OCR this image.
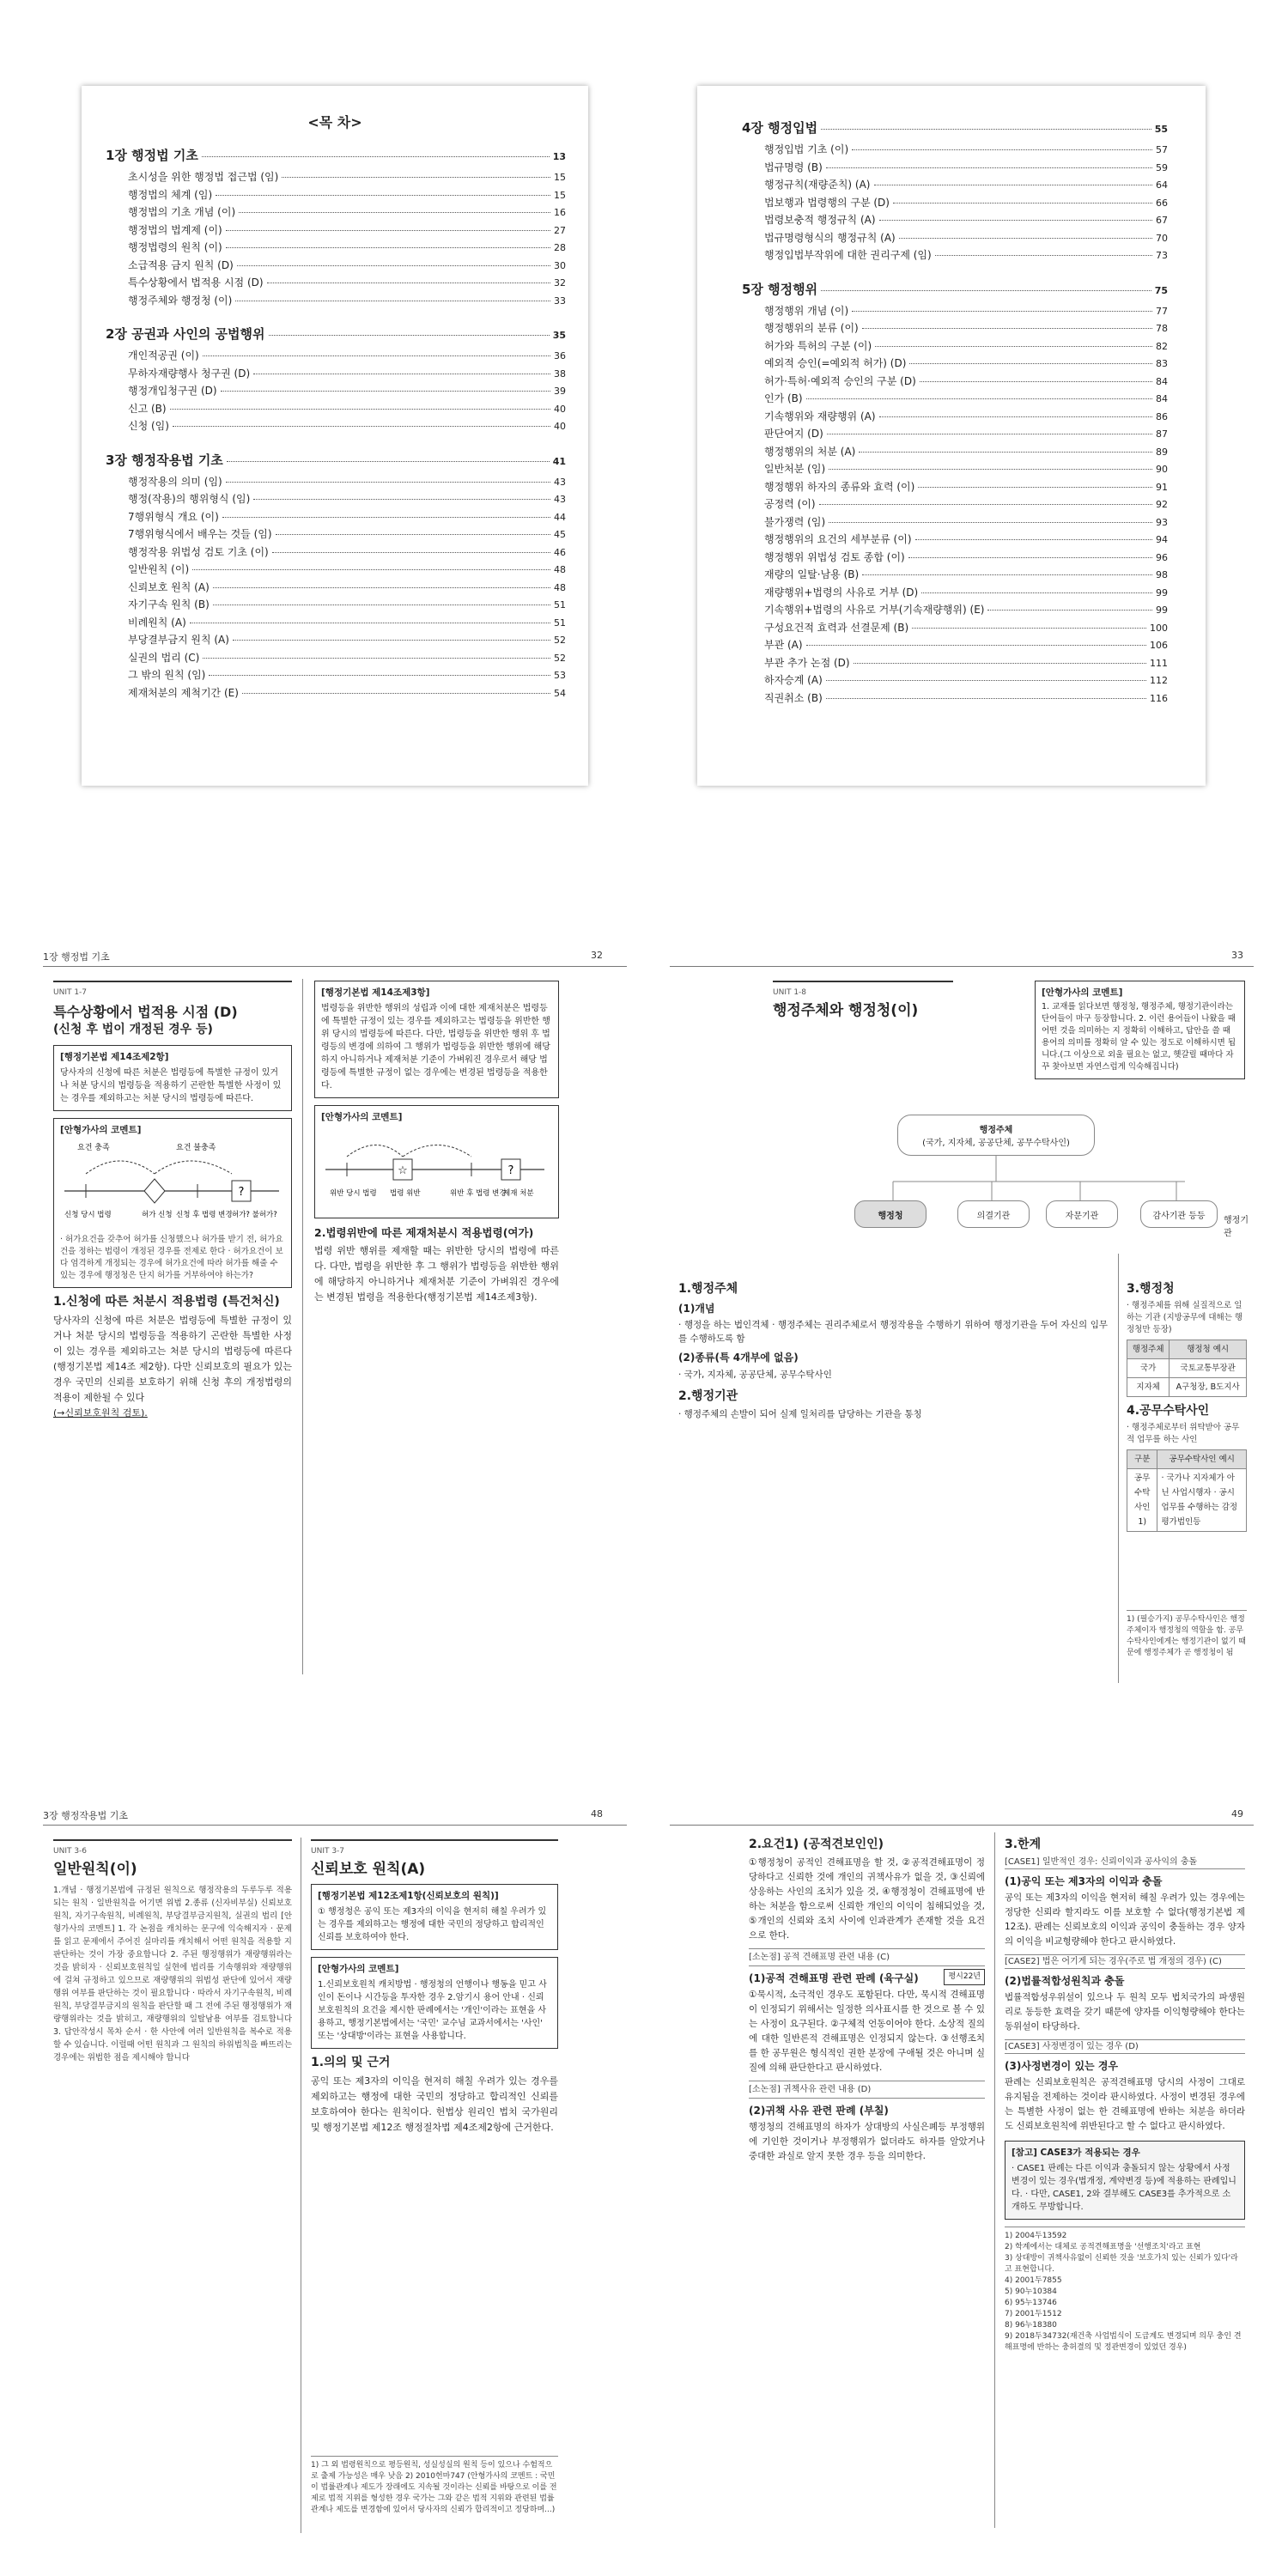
<목 차>
1장 행정법 기초	13
초시성을 위한 행정법 접근법 (임)	15
행정법의 체계 (임)	15
행정법의 기초 개념 (이)	16
행정법의 법계제 (이)	27
행정법령의 원칙 (이)	28
소급적용 금지 원칙 (D)	30
특수상황에서 법적용 시점 (D)	32
행정주체와 행정청 (이)	33
2장 공권과 사인의 공법행위	35
개인적공권 (이)	36
무하자재량행사 청구권 (D)	38
행정개입청구권 (D)	39
신고 (B)	40
신청 (임)	40
3장 행정작용법 기초	41
행정작용의 의미 (임)	43
행정(작용)의 행위형식 (임)	43
7행위형식 개요 (이)	44
7행위형식에서 배우는 것들 (임)	45
행정작용 위법성 검토 기초 (이)	46
일반원칙 (이)	48
신뢰보호 원칙 (A)	48
자기구속 원칙 (B)	51
비례원칙 (A)	51
부당결부금지 원칙 (A)	52
실권의 법리 (C)	52
그 밖의 원칙 (임)	53
제재처분의 제척기간 (E)	54
4장 행정입법	55
행정입법 기초 (이)	57
법규명령 (B)	59
행정규칙(재량준칙) (A)	64
법보행과 법령행의 구분 (D)	66
법령보충적 행정규칙 (A)	67
법규명령형식의 행정규칙 (A)	70
행정입법부작위에 대한 권리구제 (임)	73
5장 행정행위	75
행정행위 개념 (이)	77
행정행위의 분류 (이)	78
허가와 특허의 구분 (이)	82
예외적 승인(=예외적 허가) (D)	83
허가·특허·예외적 승인의 구분 (D)	84
인가 (B)	84
기속행위와 재량행위 (A)	86
판단여지 (D)	87
행정행위의 처분 (A)	89
일반처분 (임)	90
행정행위 하자의 종류와 효력 (이)	91
공정력 (이)	92
불가쟁력 (임)	93
행정행위의 요건의 세부분류 (이)	94
행정행위 위법성 검토 종합 (이)	96
재량의 일탈·남용 (B)	98
재량행위+법령의 사유로 거부 (D)	99
기속행위+법령의 사유로 거부(기속재량행위) (E)	99
구성요건적 효력과 선결문제 (B)	100
부관 (A)	106
부관 추가 논점 (D)	111
하자승계 (A)	112
직권취소 (B)	116
1장 행정법 기초	32
UNIT 1-7
특수상황에서 법적용 시점 (D)
(신청 후 법이 개정된 경우 등)
[행정기본법 제14조제2항]
당사자의 신청에 따른 처분은 법령등에 특별한 규정이 있거나 처분 당시의 법령등을 적용하기 곤란한 특별한 사정이 있는 경우를 제외하고는 처분 당시의 법령등에 따른다.
[안형가사의 코멘트]
?
요건 충족	요건 불충족
신청 당시 법령	허가 신청 신청 후 법령 변경 허가? 불허가?
· 허가요건을 갖추어 허가를 신청했으나 허가를 받기 전, 허가요건을 정하는 법령이 개정된 경우를 전제로 한다 · 허가요건이 보다 엄격하게 개정되는 경우에 허가요건에 따라 허가를 해줄 수 있는 경우에 행정청은 단지 허가를 거부하여야 하는가?
1.신청에 따른 처분시 적용법령 (특건처신)
당사자의 신청에 따른 처분은 법령등에 특별한 규정이 있거나 처분 당시의 법령등을 적용하기 곤란한 특별한 사정이 있는 경우를 제외하고는 처분 당시의 법령등에 따른다(행정기본법 제14조 제2항). 다만 신뢰보호의 필요가 있는 경우 국민의 신뢰를 보호하기 위해 신청 후의 개정법령의 적용이 제한될 수 있다
(→신뢰보호원칙 검토).
[행정기본법 제14조제3항]
법령등을 위반한 행위의 성립과 이에 대한 제재처분은 법령등에 특별한 규정이 있는 경우를 제외하고는 법령등을 위반한 행위 당시의 법령등에 따른다. 다만, 법령등을 위반한 행위 후 법령등의 변경에 의하여 그 행위가 법령등을 위반한 행위에 해당하지 아니하거나 제재처분 기준이 가벼워진 경우로서 해당 법령등에 특별한 규정이 없는 경우에는 변경된 법령등을 적용한다.
[안형가사의 코멘트]
☆	?
위반 당시 법령 법령 위반	위반 후 법령 변경
제재 처분
2.법령위반에 따른 제재처분시 적용법령(여가)
법령 위반 행위를 제재할 때는 위반한 당시의 법령에 따른다. 다만, 법령을 위반한 후 그 행위가 법령등을 위반한 행위에 해당하지 아니하거나 제재처분 기준이 가벼워진 경우에는 변경된 법령을 적용한다(행정기본법 제14조제3항).
33
UNIT 1-8
행정주체와 행정청(이)
[안형가사의 코멘트]
1. 교재를 읽다보면 행정청, 행정주체, 행정기관이라는 단어들이 마구 등장합니다. 2. 이런 용어들이 나왔을 때 어떤 것을 의미하는 지 정확히 이해하고, 답안을 쓸 때 용어의 의미를 정확히 알 수 있는 정도로 이해하시면 됩니다.(그 이상으로 외울 필요는 없고, 헷갈릴 때마다 자꾸 찾아보면 자연스럽게 익숙해집니다)
행정주체
(국가, 지자체, 공공단체, 공무수탁사인)
행정청	의결기관	자문기관	감사기관 등등	행정기관
1.행정주체
(1)개념
· 행정을 하는 법인격체 · 행정주체는 권리주체로서 행정작용을 수행하기 위하여 행정기관을 두어 자신의 임무를 수행하도록 함
(2)종류(특 4개부에 없음)
· 국가, 지자체, 공공단체, 공무수탁사인
2.행정기관
· 행정주체의 손발이 되어 실제 일처리를 담당하는 기관을 통칭
3.행정청
· 행정주체를 위해 실질적으로 일하는 기관 (지방공무에 대해는 행정청만 등장)
행정주체	행정청 예시
국가	국토교통부장관
지자체	A구청장, B도지사
4.공무수탁사인
· 행정주체로부터 위탁받아 공무적 업무를 하는 사인
구분	공무수탁사인 예시
공무수탁 사인1)	· 국가나 지자체가 아닌 사업시행자 · 공시업무를 수행하는 감정평가법인등
1) (필승가지) 공무수탁사인은 행정주체이자 행정청의 역할을 함. 공무수탁사인에게는 행정기관이 없기 때문에 행정주체가 곧 행정청이 됨
3장 행정작용법 기초	48
UNIT 3-6
일반원칙(이)
1.개념 · 행정기본법에 규정된 원칙으로 행정작용의 두루두루 적용되는 원칙 · 일반원칙을 어기면 위법 2.종류 (신자비부실) 신뢰보호원칙, 자기구속원칙, 비례원칙, 부당결부금지원칙, 실권의 법리 [안형가사의 코멘트] 1. 각 논점을 캐치하는 문구에 익숙해지자 · 문제를 읽고 문제에서 주어진 실마리를 캐치해서 어떤 원칙을 적용할 지 판단하는 것이 가장 중요합니다 2. 주된 행정행위가 재량행위라는 것을 밝히자 · 신뢰보호원칙일 실현에 법리를 기속행위와 재량행위에 걸쳐 규정하고 있으므로 재량행위의 위법성 판단에 있어서 재량행위 여부를 판단하는 것이 필요합니다 · 따라서 자기구속원칙, 비례원칙, 부당결부금지의 원칙을 판단할 때 그 전에 주된 행정행위가 재량행위라는 것을 밝히고, 재량행위의 일탈남용 여부를 검토합니다 3. 답안작성시 목차 순서 · 한 사안에 여러 일반원칙을 복수로 적용할 수 있습니다. 이럴때 어떤 원칙과 그 원칙의 하위법칙을 빠뜨리는 경우에는 위법한 점을 제시해야 합니다
UNIT 3-7
신뢰보호 원칙(A)
[행정기본법 제12조제1항(신뢰보호의 원칙)]
① 행정청은 공익 또는 제3자의 이익을 현저히 해칠 우려가 있는 경우를 제외하고는 행정에 대한 국민의 정당하고 합리적인 신뢰를 보호하여야 한다.
[안형가사의 코멘트]
1.신뢰보호원칙 캐치방법 · 행정청의 언행이나 행동을 믿고 사인이 돈이나 시간등을 투자한 경우 2.암기시 용어 안내 · 신뢰보호원칙의 요건을 제시한 판례에서는 '개인'이라는 표현을 사용하고, 행정기본법에서는 '국민' 교수님 교과서에서는 '사인' 또는 '상대방'이라는 표현을 사용합니다.
1.의의 및 근거
공익 또는 제3자의 이익을 현저히 해칠 우려가 있는 경우를 제외하고는 행정에 대한 국민의 정당하고 합리적인 신뢰를 보호하여야 한다는 원칙이다. 헌법상 원리인 법치 국가원리 및 행정기본법 제12조 행정절차법 제4조제2항에 근거한다.
1) 그 외 법령원칙으로 평등원칙, 성실성실의 원칙 등이 있으나 수험적으로 출제 가능성은 매우 낮음 2) 2010헌마747 (안형가사의 코멘트 : 국민이 법률관계나 제도가 장래에도 지속될 것이라는 신뢰를 바탕으로 이를 전제로 법적 지위를 형성한 경우 국가는 그와 같은 법적 지위와 관련된 법률관계나 제도를 변경함에 있어서 당사자의 신뢰가 합리적이고 정당하며...)
49
2.요건1) (공적견보인인)
①행정청이 공적인 견해표명을 할 것, ②공적견해표명이 정당하다고 신뢰한 것에 개인의 귀책사유가 없을 것, ③신뢰에 상응하는 사인의 조치가 있을 것, ④행정청이 견해표명에 반하는 처분을 함으로써 신뢰한 개인의 이익이 침해되었을 것, ⑤개인의 신뢰와 조치 사이에 인과관계가 존재할 것을 요건으로 한다.
[소논점] 공적 견해표명 관련 내용 (C)
평시22년
(1)공적 견해표명 관련 판례 (육구실)
①묵시적, 소극적인 경우도 포함된다. 다만, 묵시적 견해표명이 인정되기 위해서는 일정한 의사표시를 한 것으로 볼 수 있는 사정이 요구된다. ②구체적 언동이어야 한다. 소상적 질의에 대한 일반론적 견해표명은 인정되지 않는다. ③선행조치를 한 공무원은 형식적인 권한 분장에 구애될 것은 아니며 실질에 의해 판단한다고 판시하였다.
[소논점] 귀책사유 관련 내용 (D)
(2)귀책 사유 관련 판례 (부칠)
행정청의 견해표명의 하자가 상대방의 사실은폐등 부정행위에 기인한 것이거나 부정행위가 없더라도 하자를 알았거나 중대한 과실로 알지 못한 경우 등을 의미한다.
3.한계
[CASE1] 일반적인 경우: 신뢰이익과 공사익의 충돌
(1)공익 또는 제3자의 이익과 충돌
공익 또는 제3자의 이익을 현저히 해칠 우려가 있는 경우에는 정당한 신뢰라 할지라도 이를 보호할 수 없다(행정기본법 제12조). 판례는 신뢰보호의 이익과 공익이 충돌하는 경우 양자의 이익을 비교형량해야 한다고 판시하였다.
[CASE2] 법은 어기게 되는 경우(주로 법 개정의 경우) (C)
(2)법률적합성원칙과 충돌
법률적합성우위설이 있으나 두 원칙 모두 법치국가의 파생원리로 동등한 효력을 갖기 때문에 양자를 이익형량해야 한다는 동위설이 타당하다.
[CASE3] 사정변경이 있는 경우 (D)
(3)사정변경이 있는 경우
판례는 신뢰보호원칙은 공적견해표명 당시의 사정이 그대로 유지됨을 전제하는 것이라 판시하였다. 사정이 변경된 경우에는 특별한 사정이 없는 한 견해표명에 반하는 처분을 하더라도 신뢰보호원칙에 위반된다고 할 수 없다고 판시하였다.
[참고] CASE3가 적용되는 경우
· CASE1 판례는 다른 이익과 충돌되지 않는 상황에서 사정변경이 있는 경우(법개정, 계약변경 등)에 적용하는 판례입니다. · 다만, CASE1, 2와 결부해도 CASE3를 추가적으로 소개하도 무방합니다.
1) 2004두13592
2) 학계에서는 대체로 공적견해표명을 '선행조치'라고 표현
3) 상대방이 귀책사유없이 신뢰한 것을 '보호가치 있는 신뢰가 있다'라고 표현합니다.
4) 2001두7855
5) 90누10384
6) 95누13746
7) 2001두1512
8) 96누18380
9) 2018두34732(재건축 사업법식이 도급계도 변경되며 의무 충인 견해표명에 반하는 충허결의 및 정관변경이 있었던 경우)
